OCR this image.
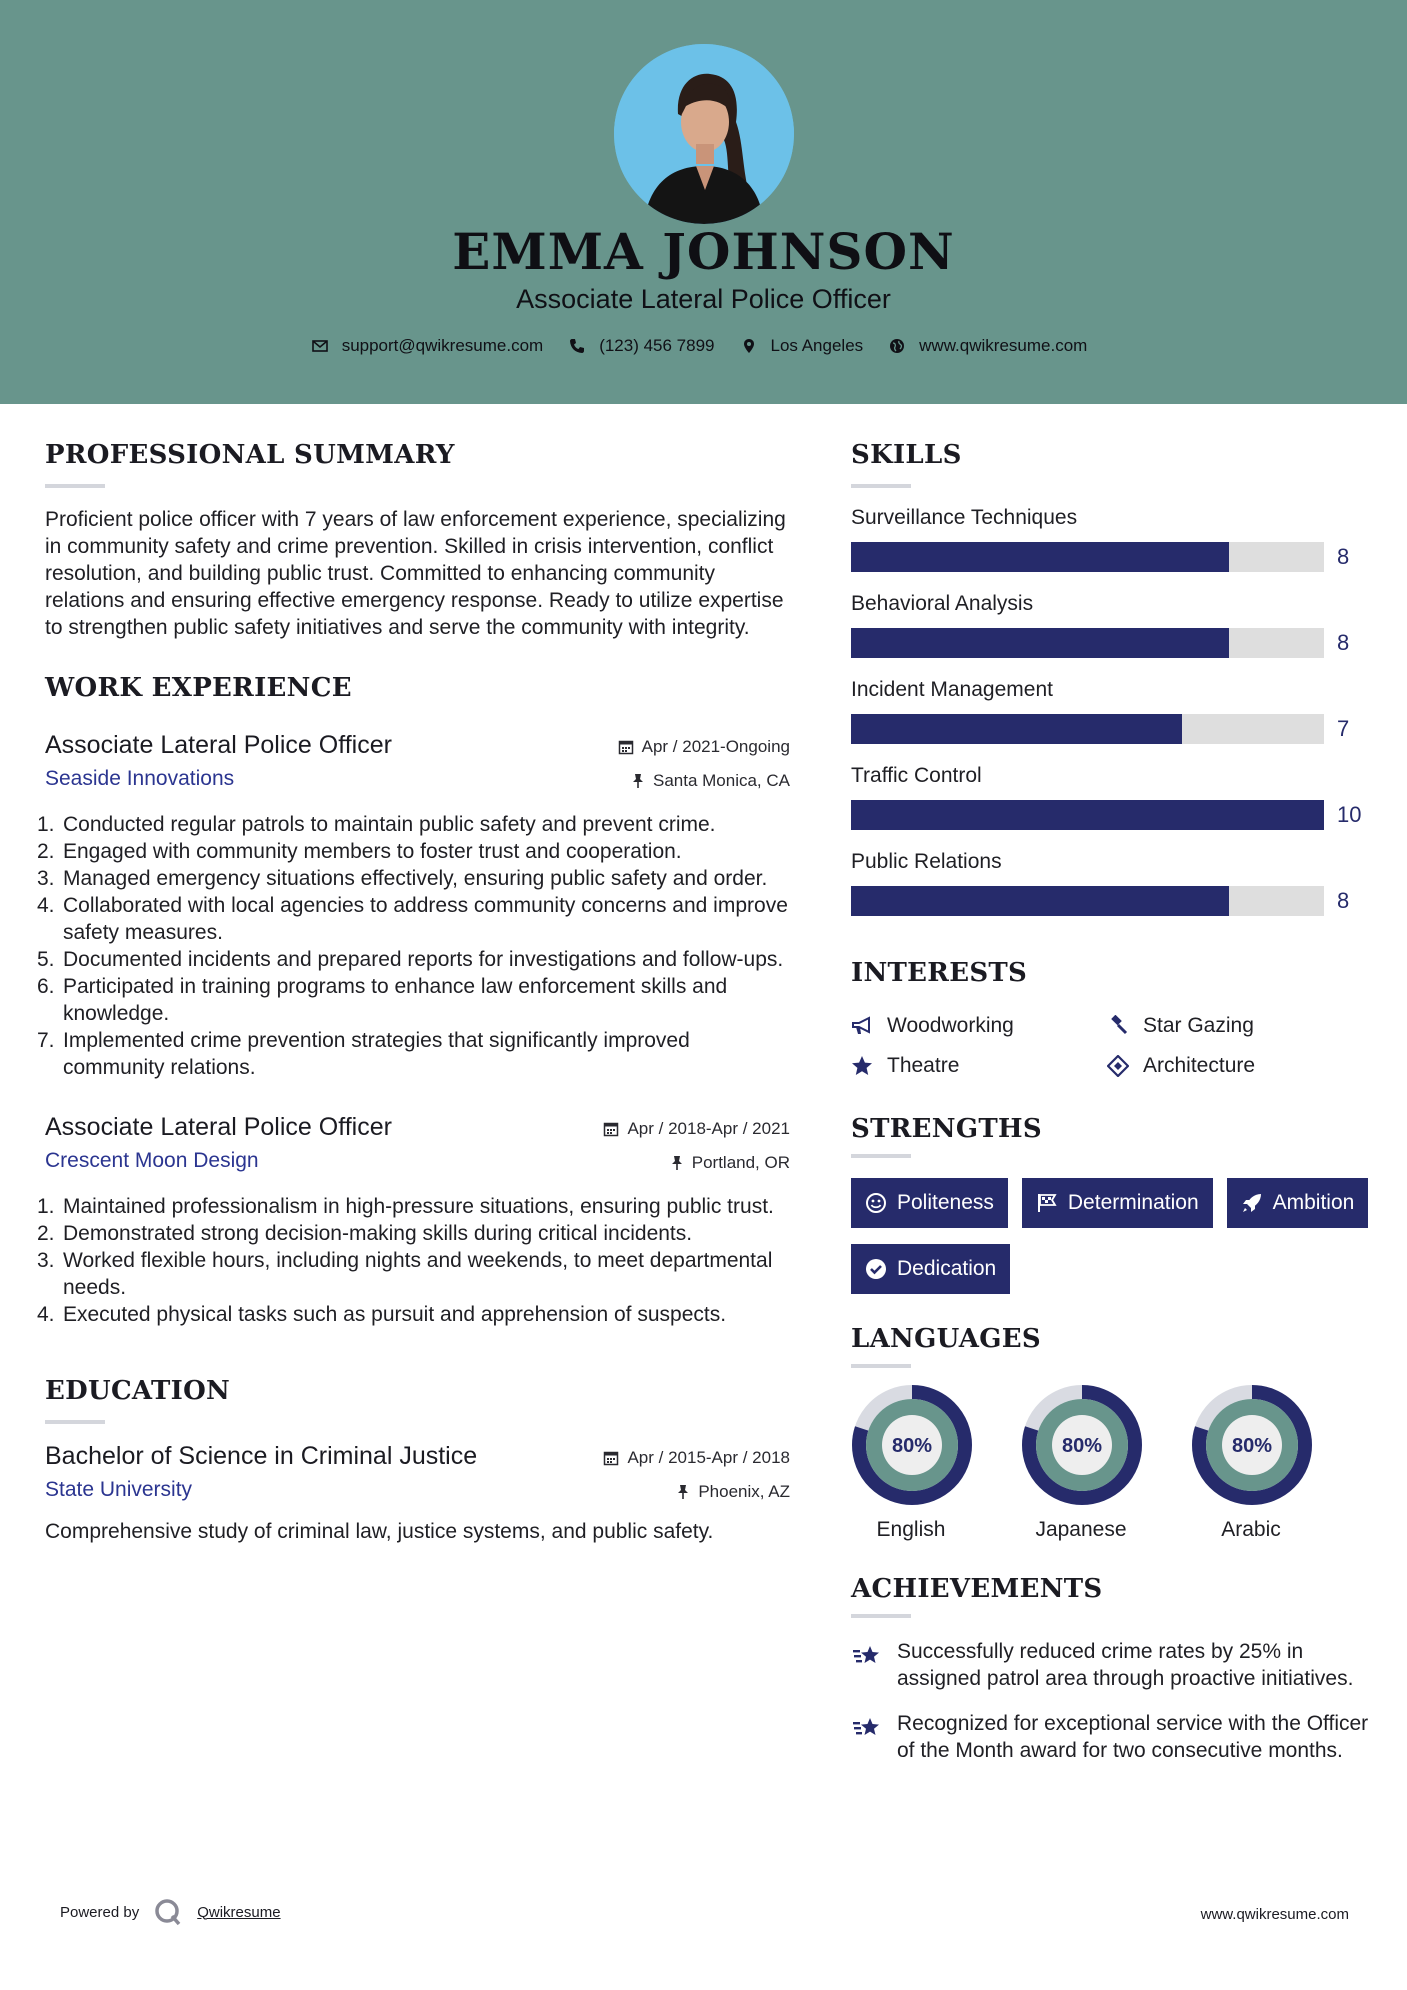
EMMA JOHNSON
Associate Lateral Police Officer
support@qwikresume.com	(123) 456 7899	Los Angeles	www.qwikresume.com
PROFESSIONAL SUMMARY
Proficient police officer with 7 years of law enforcement experience, specializing in community safety and crime prevention. Skilled in crisis intervention, conflict resolution, and building public trust. Committed to enhancing community relations and ensuring effective emergency response. Ready to utilize expertise to strengthen public safety initiatives and serve the community with integrity.
WORK EXPERIENCE
Associate Lateral Police Officer	Apr / 2021-Ongoing
Seaside Innovations	Santa Monica, CA
1. Conducted regular patrols to maintain public safety and prevent crime.
2. Engaged with community members to foster trust and cooperation.
3. Managed emergency situations effectively, ensuring public safety and order.
4. Collaborated with local agencies to address community concerns and improve safety measures.
5. Documented incidents and prepared reports for investigations and follow-ups.
6. Participated in training programs to enhance law enforcement skills and knowledge.
7. Implemented crime prevention strategies that significantly improved community relations.
Associate Lateral Police Officer	Apr / 2018-Apr / 2021
Crescent Moon Design	Portland, OR
1. Maintained professionalism in high-pressure situations, ensuring public trust.
2. Demonstrated strong decision-making skills during critical incidents.
3. Worked flexible hours, including nights and weekends, to meet departmental needs.
4. Executed physical tasks such as pursuit and apprehension of suspects.
EDUCATION
Bachelor of Science in Criminal Justice	Apr / 2015-Apr / 2018
State University	Phoenix, AZ
Comprehensive study of criminal law, justice systems, and public safety.
SKILLS
Surveillance Techniques
8
Behavioral Analysis
8
Incident Management
7
Traffic Control
10
Public Relations
8
INTERESTS
Woodworking	Star Gazing
Theatre	Architecture
STRENGTHS
Politeness	Determination	Ambition
Dedication
LANGUAGES
80%
English
80%
Japanese
80%
Arabic
ACHIEVEMENTS
Successfully reduced crime rates by 25% in assigned patrol area through proactive initiatives.
Recognized for exceptional service with the Officer of the Month award for two consecutive months.
Powered by	Qwikresume	www.qwikresume.com
